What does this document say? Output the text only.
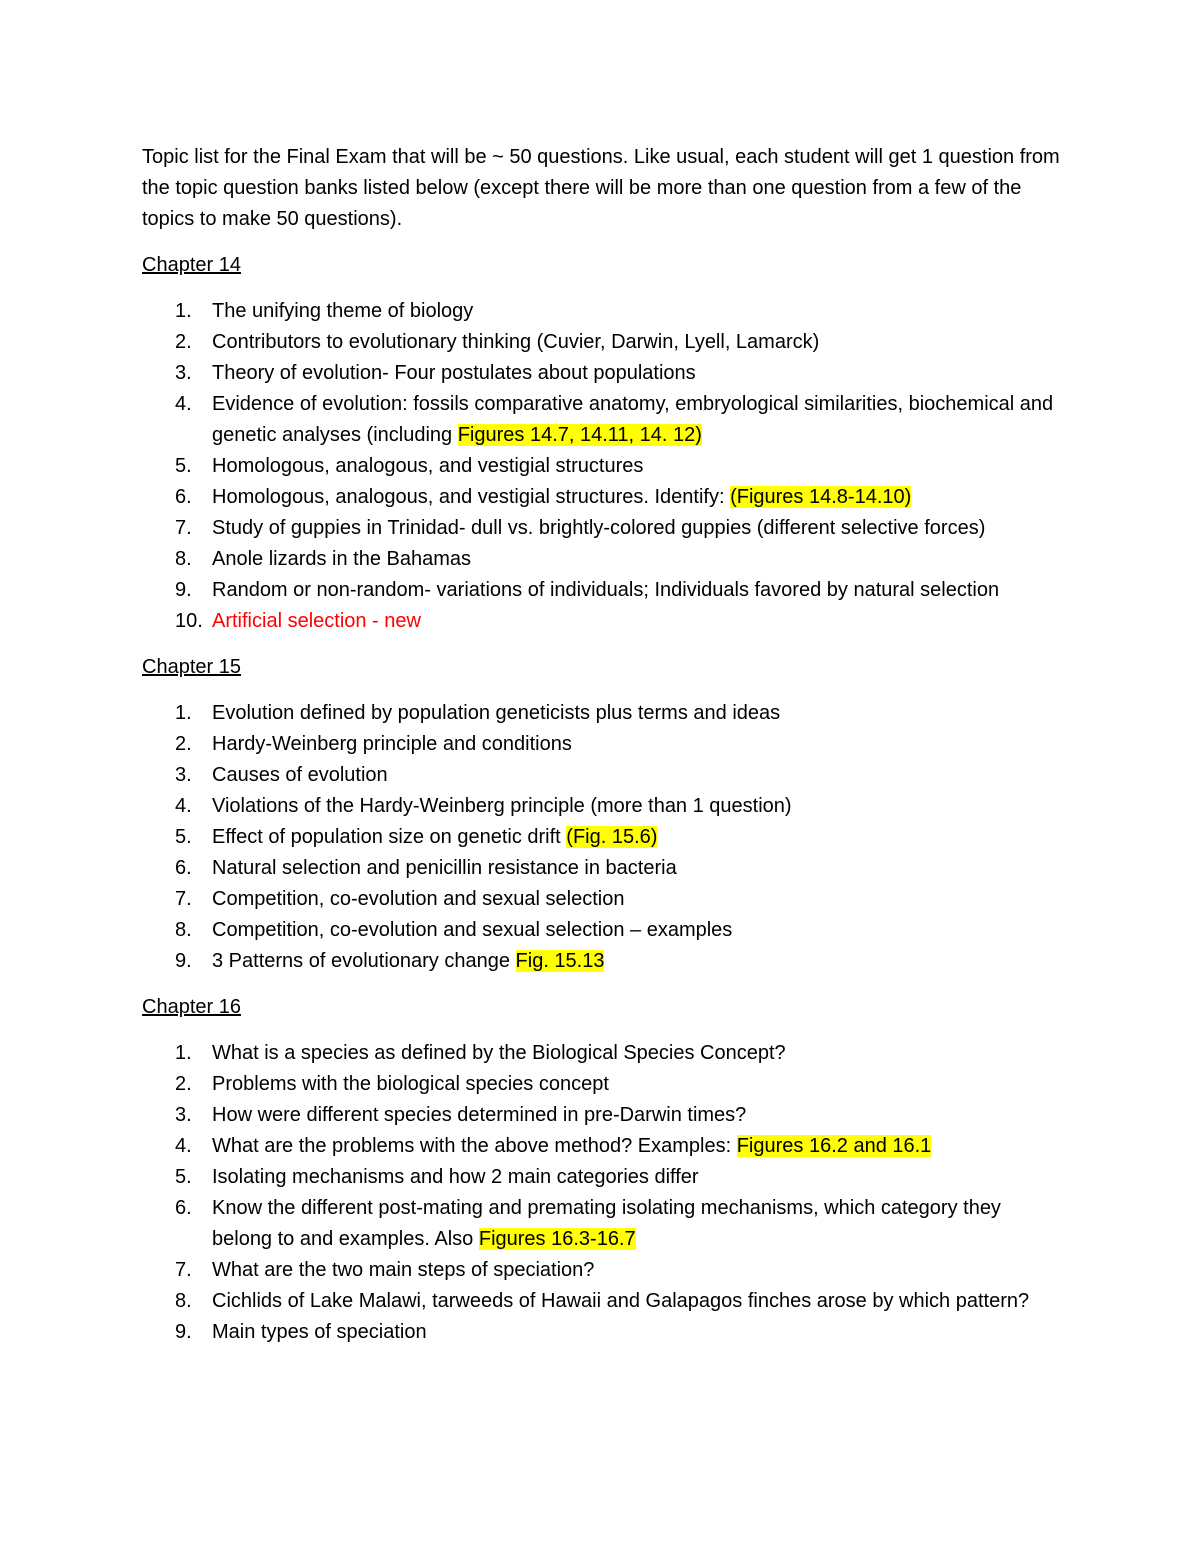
Topic list for the Final Exam that will be ~ 50 questions. Like usual, each student will get 1 question from the topic question banks listed below (except there will be more than one question from a few of the topics to make 50 questions).

Chapter 14

1. The unifying theme of biology
2. Contributors to evolutionary thinking (Cuvier, Darwin, Lyell, Lamarck)
3. Theory of evolution- Four postulates about populations
4. Evidence of evolution: fossils comparative anatomy, embryological similarities, biochemical and genetic analyses (including Figures 14.7, 14.11, 14. 12)
5. Homologous, analogous, and vestigial structures
6. Homologous, analogous, and vestigial structures. Identify: (Figures 14.8-14.10)
7. Study of guppies in Trinidad- dull vs. brightly-colored guppies (different selective forces)
8. Anole lizards in the Bahamas
9. Random or non-random- variations of individuals; Individuals favored by natural selection
10. Artificial selection - new

Chapter 15

1. Evolution defined by population geneticists plus terms and ideas
2. Hardy-Weinberg principle and conditions
3. Causes of evolution
4. Violations of the Hardy-Weinberg principle (more than 1 question)
5. Effect of population size on genetic drift (Fig. 15.6)
6. Natural selection and penicillin resistance in bacteria
7. Competition, co-evolution and sexual selection
8. Competition, co-evolution and sexual selection – examples
9. 3 Patterns of evolutionary change Fig. 15.13

Chapter 16

1. What is a species as defined by the Biological Species Concept?
2. Problems with the biological species concept
3. How were different species determined in pre-Darwin times?
4. What are the problems with the above method? Examples: Figures 16.2 and 16.1
5. Isolating mechanisms and how 2 main categories differ
6. Know the different post-mating and premating isolating mechanisms, which category they belong to and examples. Also Figures 16.3-16.7
7. What are the two main steps of speciation?
8. Cichlids of Lake Malawi, tarweeds of Hawaii and Galapagos finches arose by which pattern?
9. Main types of speciation
